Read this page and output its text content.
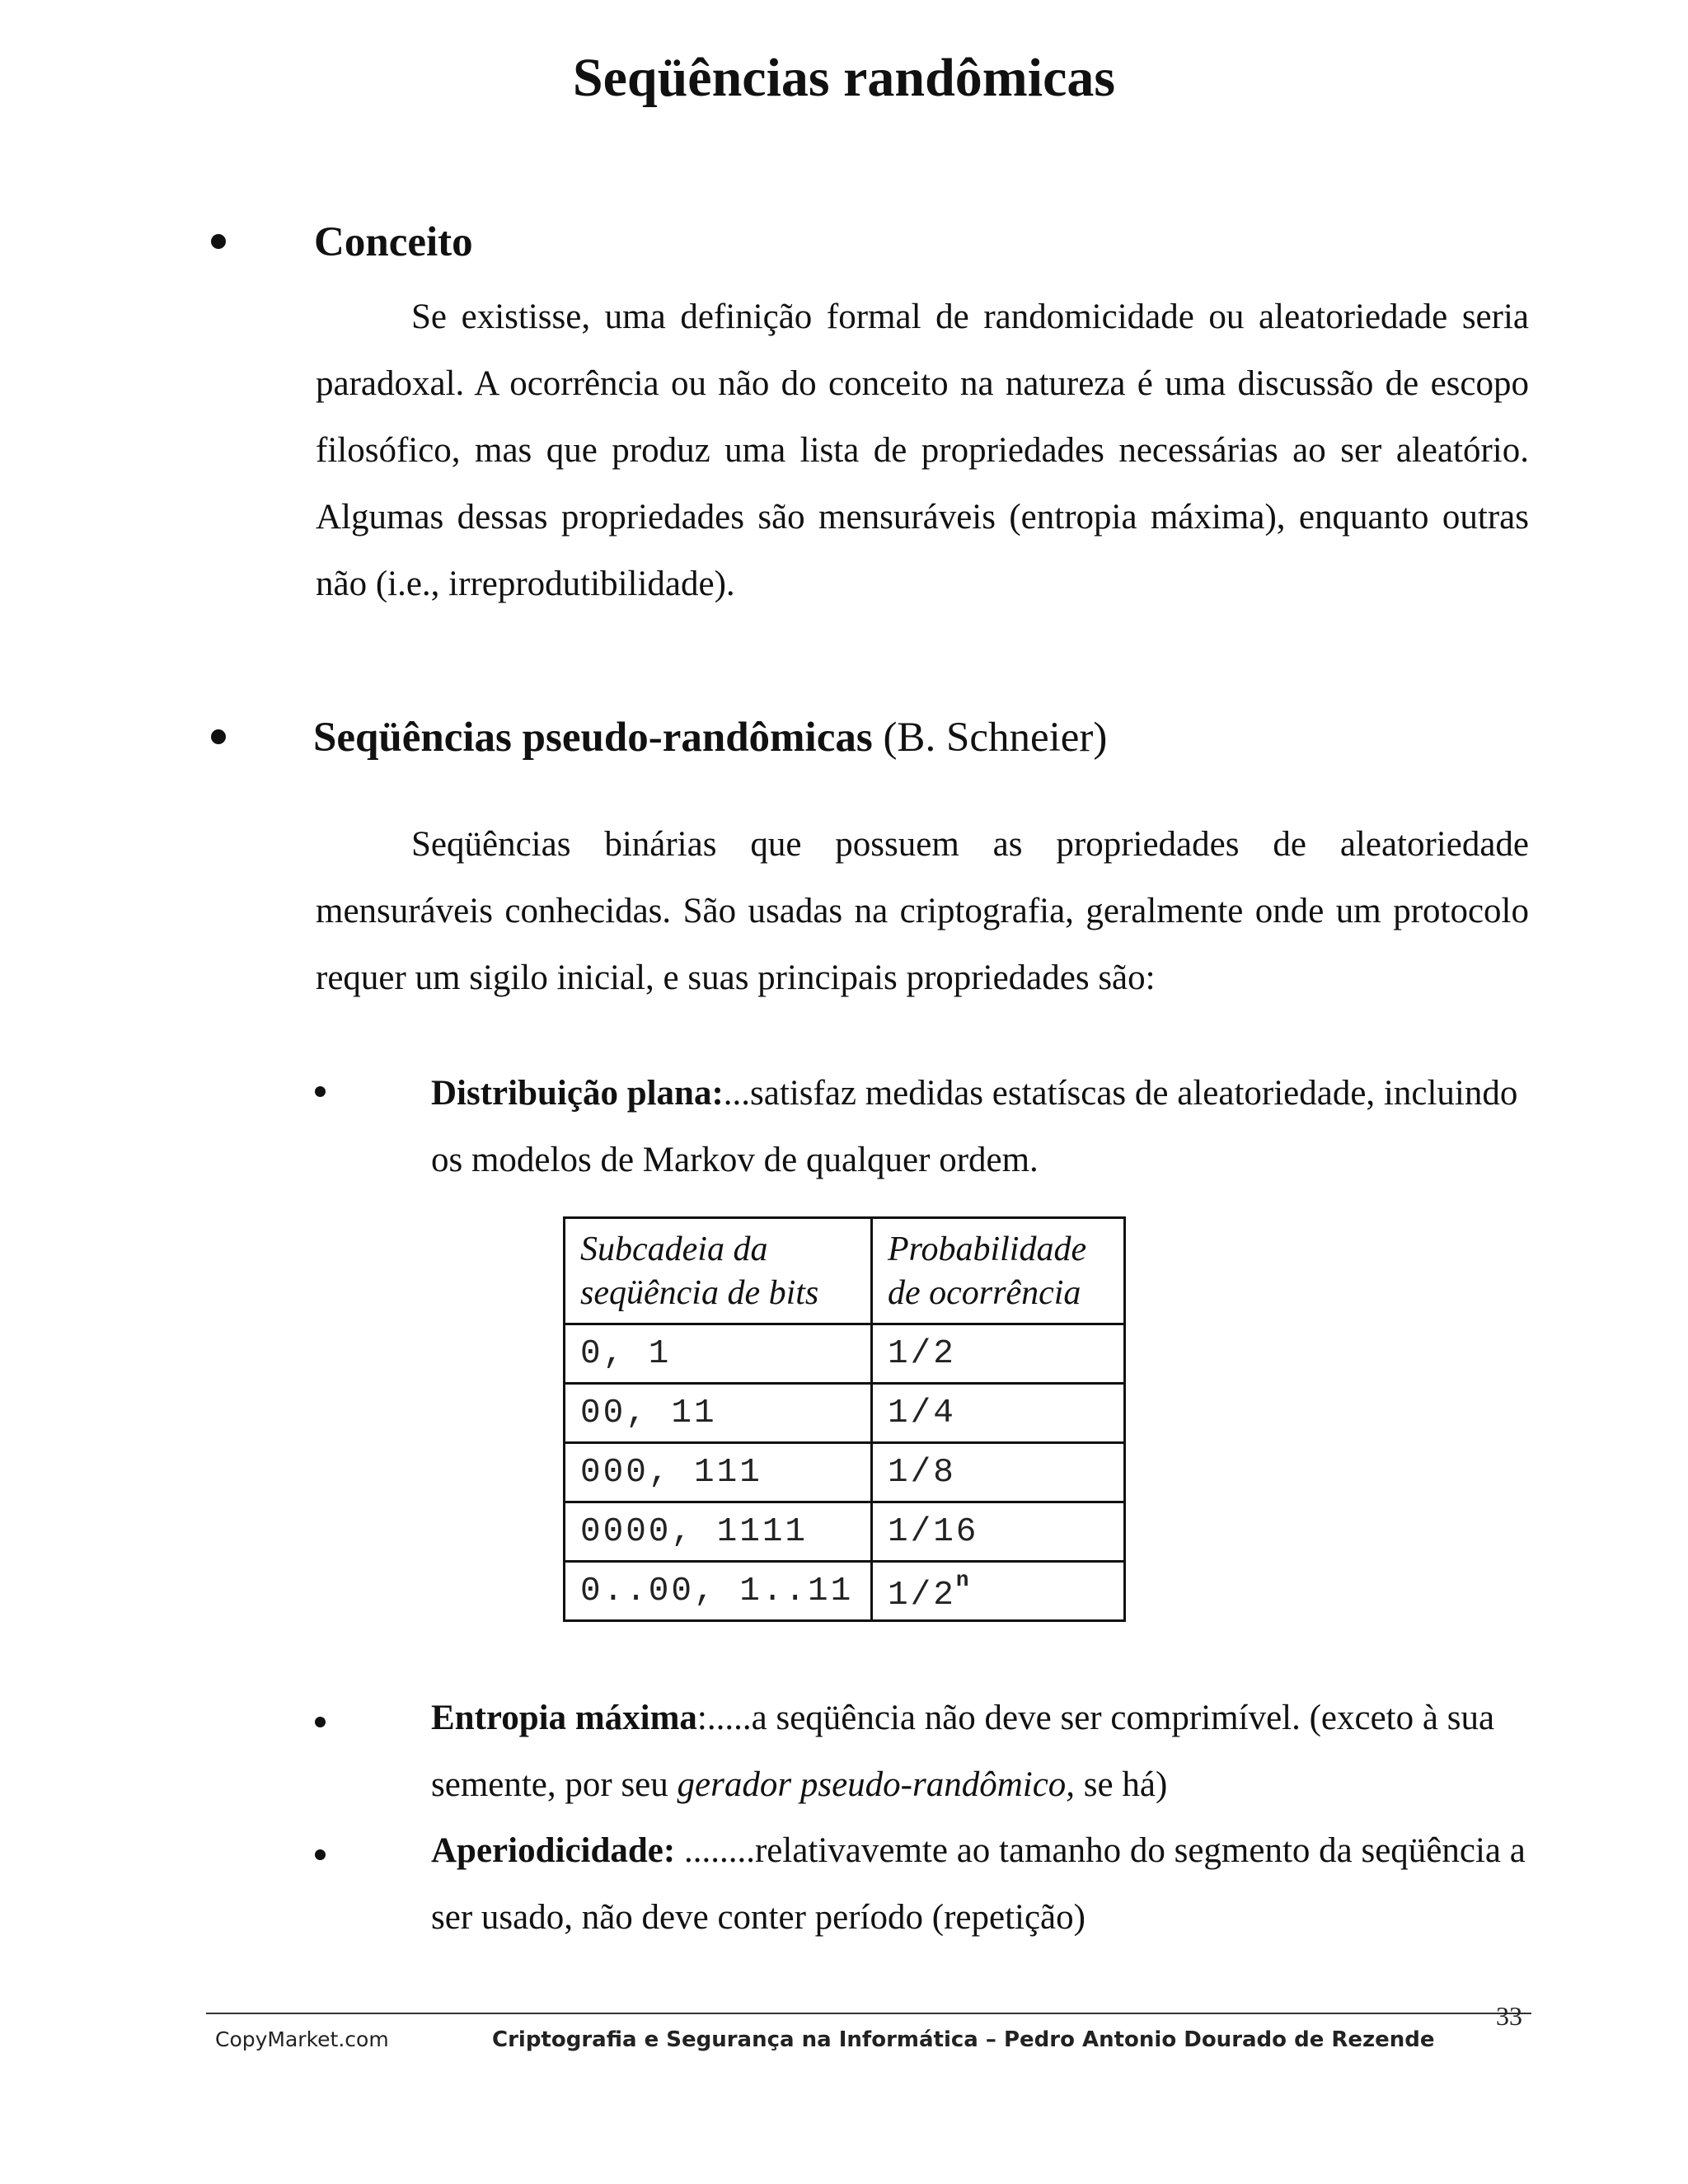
Seqüências randômicas
Conceito
Se existisse, uma definição formal de randomicidade ou aleatoriedade seria paradoxal. A ocorrência ou não do conceito na natureza é uma discussão de escopo filosófico, mas que produz uma lista de propriedades necessárias ao ser aleatório. Algumas dessas propriedades são mensuráveis (entropia máxima), enquanto outras não (i.e., irreprodutibilidade).
Seqüências pseudo-randômicas (B. Schneier)
Seqüências binárias que possuem as propriedades de aleatoriedade mensuráveis conhecidas. São usadas na criptografia, geralmente onde um protocolo requer um sigilo inicial, e suas principais propriedades são:
Distribuição plana:...satisfaz medidas estatíscas de aleatoriedade, incluindo os modelos de Markov de qualquer ordem.
Subcadeia da seqüência de bits	Probabilidade de ocorrência
0, 1	1/2
00, 11	1/4
000, 111	1/8
0000, 1111	1/16
0..00, 1..11	1/2$^n$
Entropia máxima:.....a seqüência não deve ser comprimível. (exceto à sua semente, por seu gerador pseudo-randômico, se há)
Aperiodicidade: ........relativavemte ao tamanho do segmento da seqüência a ser usado, não deve conter período (repetição)
CopyMarket.com	Criptografia e Segurança na Informática – Pedro Antonio Dourado de Rezende
33
